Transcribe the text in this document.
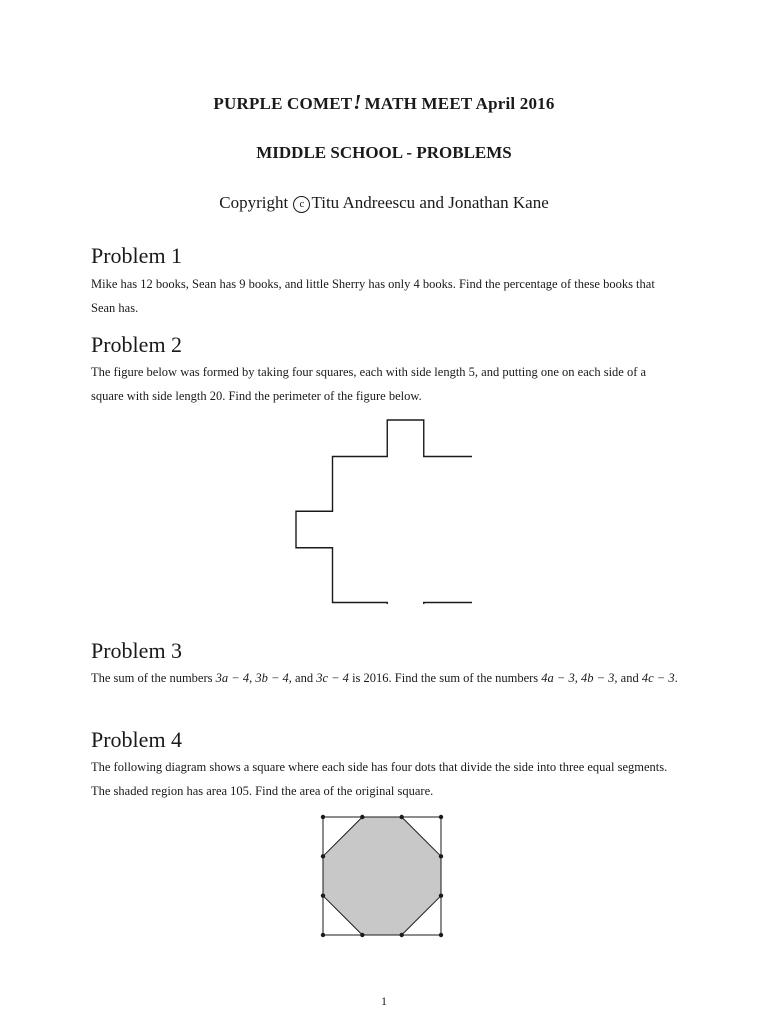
PURPLE COMET! MATH MEET April 2016
MIDDLE SCHOOL - PROBLEMS

Copyright c Titu Andreescu and Jonathan Kane

Problem 1

Mike has 12 books, Sean has 9 books, and little Sherry has only 4 books. Find the percentage of these books that Sean has.

Problem 2

The figure below was formed by taking four squares, each with side length 5, and putting one on each side of a square with side length 20. Find the perimeter of the figure below.

Problem 3

The sum of the numbers 3a − 4, 3b − 4, and 3c − 4 is 2016. Find the sum of the numbers 4a − 3, 4b − 3, and 4c − 3.

Problem 4

The following diagram shows a square where each side has four dots that divide the side into three equal segments. The shaded region has area 105. Find the area of the original square.

1
